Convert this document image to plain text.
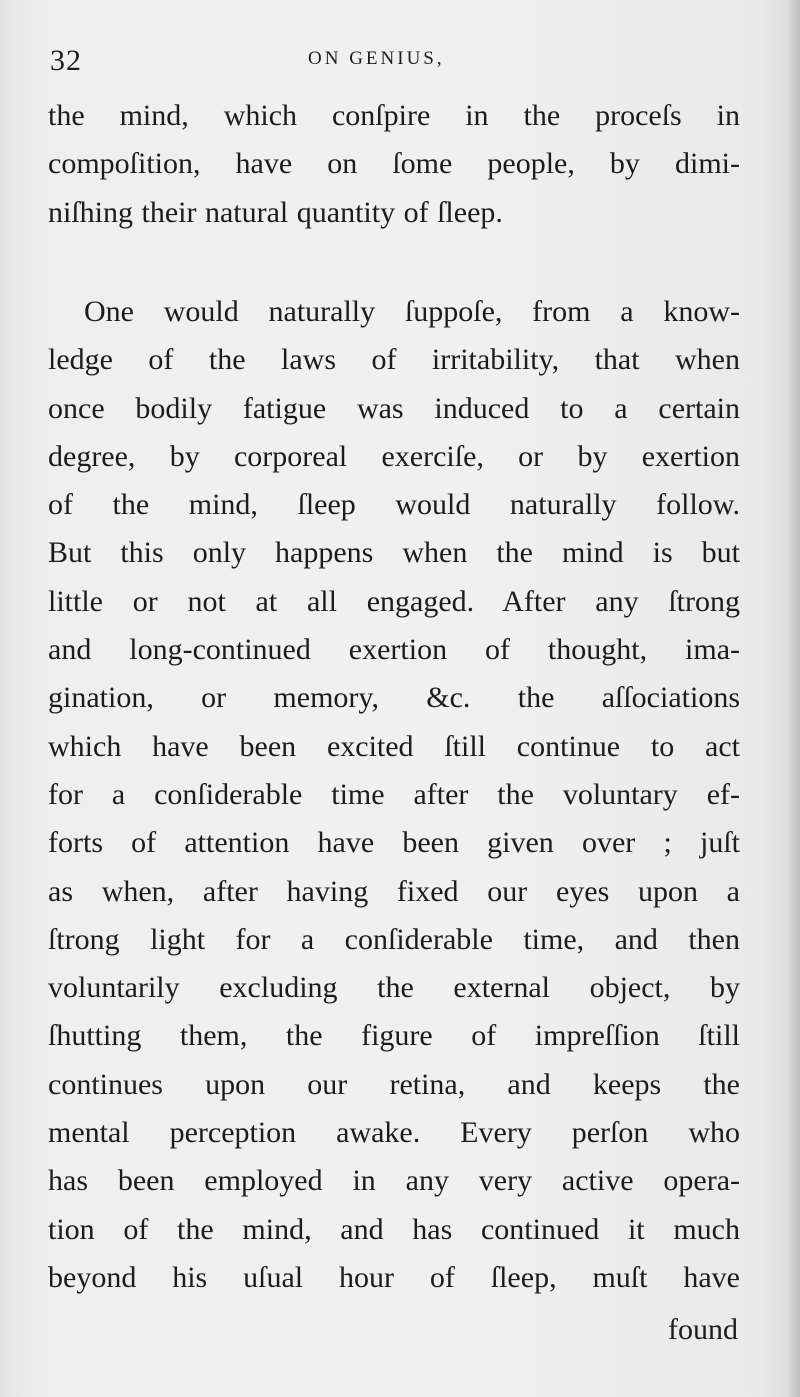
32	ON GENIUS,
the mind, which conſpire in the proceſs in
compoſition, have on ſome people, by dimi-
niſhing their natural quantity of ſleep.
One would naturally ſuppoſe, from a know-
ledge of the laws of irritability, that when
once bodily fatigue was induced to a certain
degree, by corporeal exerciſe, or by exertion
of the mind, ſleep would naturally follow.
But this only happens when the mind is but
little or not at all engaged. After any ſtrong
and long-continued exertion of thought, ima-
gination, or memory, &c. the aſſociations
which have been excited ſtill continue to act
for a conſiderable time after the voluntary ef-
forts of attention have been given over ; juſt
as when, after having fixed our eyes upon a
ſtrong light for a conſiderable time, and then
voluntarily excluding the external object, by
ſhutting them, the figure of impreſſion ſtill
continues upon our retina, and keeps the
mental perception awake. Every perſon who
has been employed in any very active opera-
tion of the mind, and has continued it much
beyond his uſual hour of ſleep, muſt have
found
